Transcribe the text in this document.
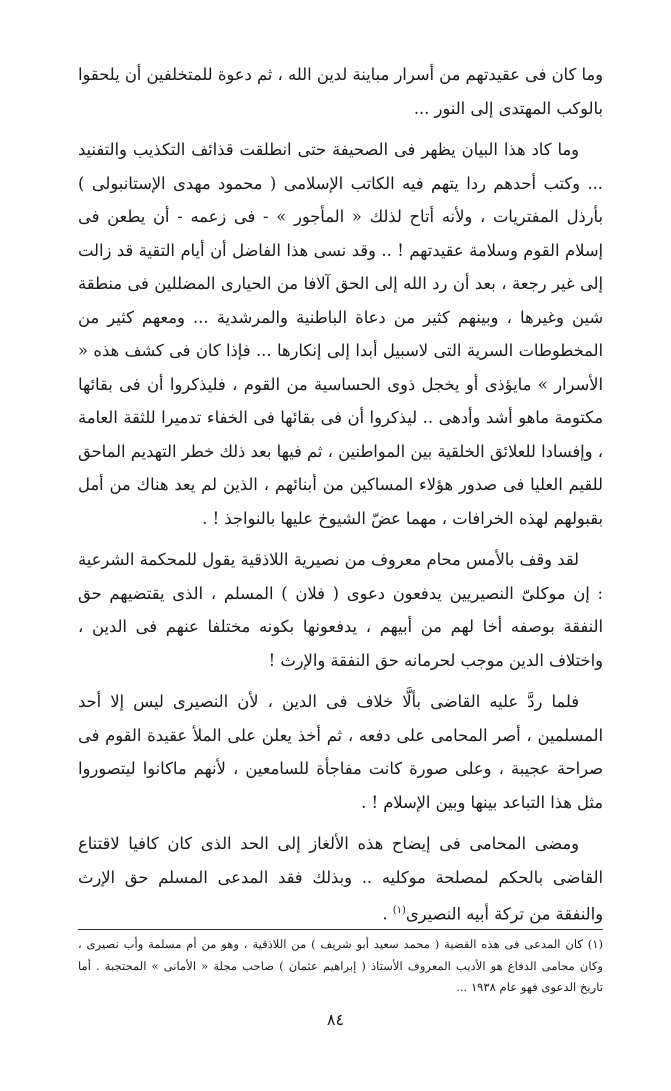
وما كان فى عقيدتهم من أسرار مباينة لدين الله ، ثم دعوة للمتخلفين أن يلحقوا بالوكب المهتدى إلى النور ...

وما كاد هذا البيان يظهر فى الصحيفة حتى انطلقت قذائف التكذيب والتفنيد ... وكتب أحدهم ردا يتهم فيه الكاتب الإسلامى ( محمود مهدى الإستانبولى ) بأرذل المفتريات ، ولأنه أتاح لذلك « المأجور » - فى زعمه - أن يطعن فى إسلام القوم وسلامة عقيدتهم ! .. وقد نسى هذا الفاضل أن أيام التقية قد زالت إلى غير رجعة ، بعد أن رد الله إلى الحق آلافا من الحيارى المضللين فى منطقة شين وغيرها ، وبينهم كثير من دعاة الباطنية والمرشدية ... ومعهم كثير من المخطوطات السرية التى لاسبيل أبدا إلى إنكارها ... فإذا كان فى كشف هذه « الأسرار » مايؤذى أو يخجل ذوى الحساسية من القوم ، فليذكروا أن فى بقائها مكتومة ماهو أشد وأدهى .. ليذكروا أن فى بقائها فى الخفاء تدميرا للثقة العامة ، وإفسادا للعلائق الخلقية بين المواطنين ، ثم فيها بعد ذلك خطر التهديم الماحق للقيم العليا فى صدور هؤلاء المساكين من أبنائهم ، الذين لم يعد هناك من أمل بقبولهم لهذه الخرافات ، مهما عضّ الشيوخ عليها بالنواجذ ! .

لقد وقف بالأمس محام معروف من نصيرية اللاذقية يقول للمحكمة الشرعية : إن موكلىّ النصيريين يدفعون دعوى ( فلان ) المسلم ، الذى يقتضيهم حق النفقة بوصفه أخا لهم من أبيهم ، يدفعونها بكونه مختلفا عنهم فى الدين ، واختلاف الدين موجب لحرمانه حق النفقة والإرث !

فلما ردَّ عليه القاضى بألَّا خلاف فى الدين ، لأن النصيرى ليس إلا أحد المسلمين ، أصر المحامى على دفعه ، ثم أخذ يعلن على الملأ عقيدة القوم فى صراحة عجيبة ، وعلى صورة كانت مفاجأة للسامعين ، لأنهم ماكانوا ليتصوروا مثل هذا التباعد بينها وبين الإسلام ! .

ومضى المحامى فى إيضاح هذه الألغاز إلى الحد الذى كان كافيا لاقتناع القاضى بالحكم لمصلحة موكليه .. وبذلك فقد المدعى المسلم حق الإرث والنفقة من تركة أبيه النصيرى$^{(١)}$ .

(١) كان المدعى فى هذه القضية ( محمد سعيد أبو شريف ) من اللاذقية ، وهو من أم مسلمة وأب نصيرى ، وكان محامى الدفاع هو الأديب المعروف الأستاذ ( إبراهيم عثمان ) صاحب مجلة « الأمانى » المحتجبة . أما تاريخ الدعوى فهو عام ١٩٣٨ ...
٨٤
